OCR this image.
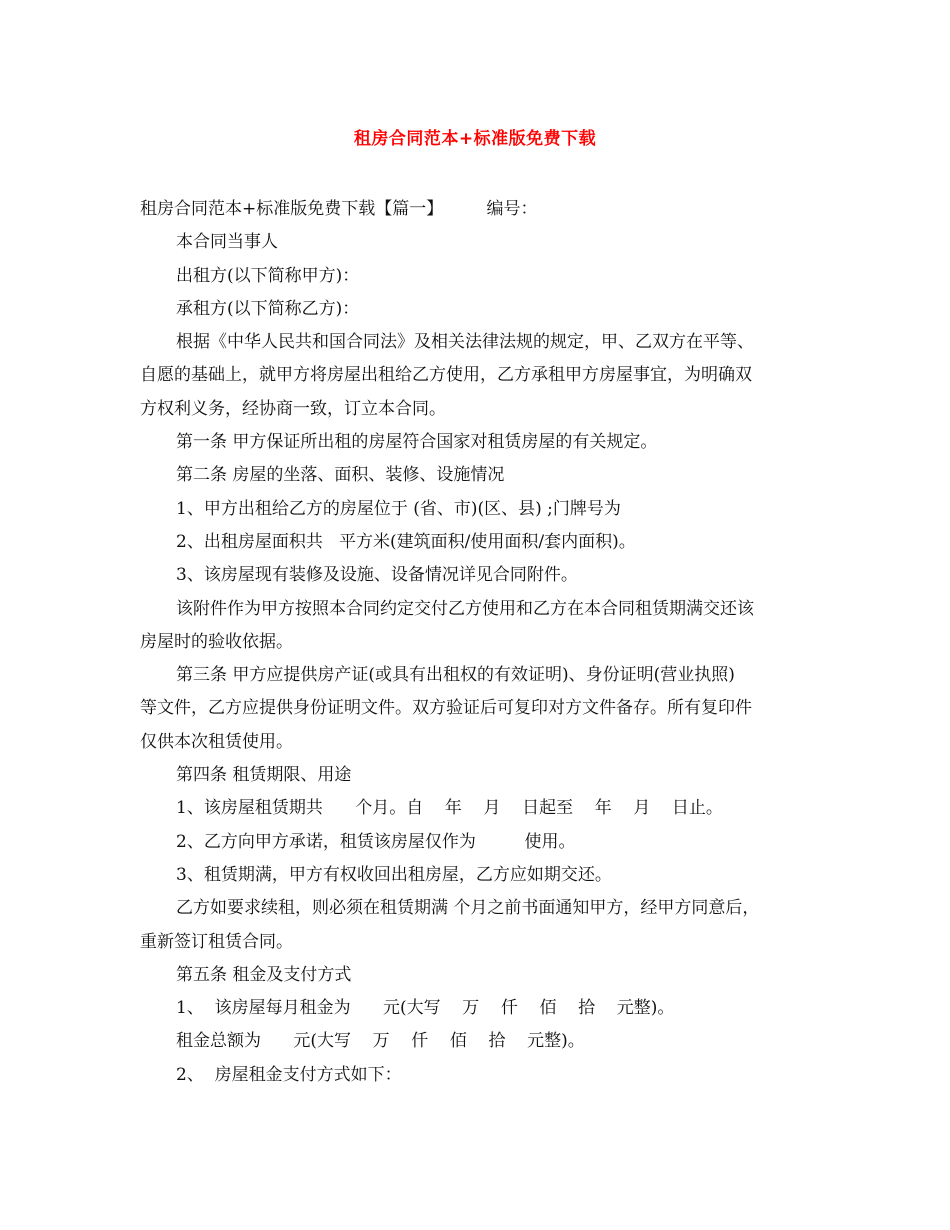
租房合同范本+标准版免费下载
租房合同范本+标准版免费下载【篇一】        编号：
本合同当事人
出租方(以下简称甲方)：
承租方(以下简称乙方)：
根据《中华人民共和国合同法》及相关法律法规的规定，甲、乙双方在平等、
自愿的基础上，就甲方将房屋出租给乙方使用，乙方承租甲方房屋事宜，为明确双
方权利义务，经协商一致，订立本合同。
第一条 甲方保证所出租的房屋符合国家对租赁房屋的有关规定。
第二条 房屋的坐落、面积、装修、设施情况
1、甲方出租给乙方的房屋位于 (省、市)(区、县) ;门牌号为
2、出租房屋面积共   平方米(建筑面积/使用面积/套内面积)。
3、该房屋现有装修及设施、设备情况详见合同附件。
该附件作为甲方按照本合同约定交付乙方使用和乙方在本合同租赁期满交还该
房屋时的验收依据。
第三条 甲方应提供房产证(或具有出租权的有效证明)、身份证明(营业执照)
等文件，乙方应提供身份证明文件。双方验证后可复印对方文件备存。所有复印件
仅供本次租赁使用。
第四条 租赁期限、用途
1、该房屋租赁期共      个月。自    年    月    日起至    年    月    日止。
2、乙方向甲方承诺，租赁该房屋仅作为         使用。
3、租赁期满，甲方有权收回出租房屋，乙方应如期交还。
乙方如要求续租，则必须在租赁期满 个月之前书面通知甲方，经甲方同意后，
重新签订租赁合同。
第五条 租金及支付方式
1、  该房屋每月租金为      元(大写    万    仟    佰    拾    元整)。
租金总额为      元(大写    万    仟    佰    拾    元整)。
2、  房屋租金支付方式如下：
